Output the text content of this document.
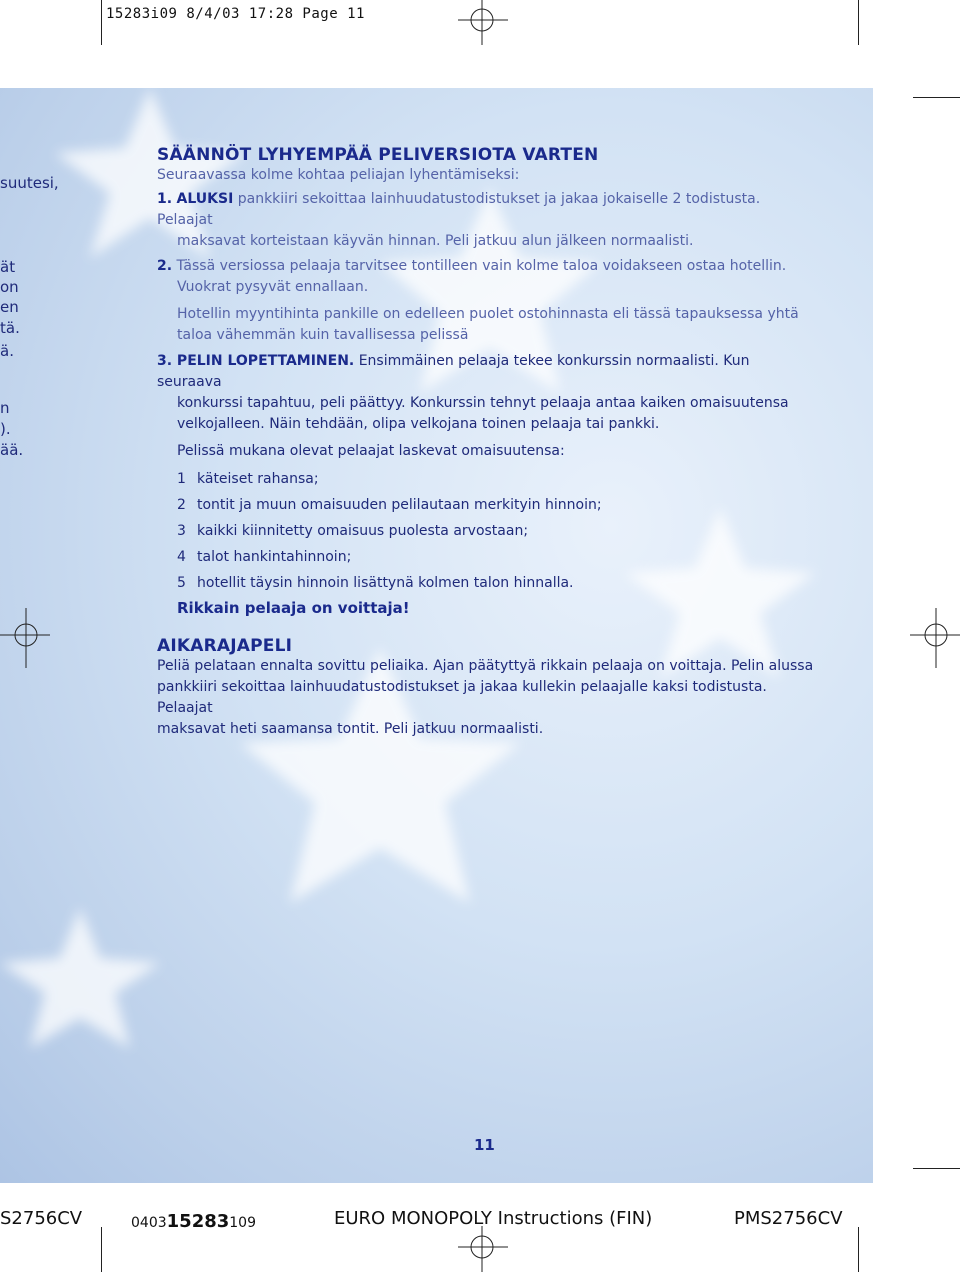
15283i09 8/4/03 17:28 Page 11
suutesi,
ät
on
en
tä.
ä.
n
).
ää.
SÄÄNNÖT LYHYEMPÄÄ PELIVERSIOTA VARTEN

Seuraavassa kolme kohtaa peliajan lyhentämiseksi:

1. ALUKSI pankkiiri sekoittaa lainhuudatustodistukset ja jakaa jokaiselle 2 todistusta. Pelaajat

maksavat korteistaan käyvän hinnan. Peli jatkuu alun jälkeen normaalisti.

2. Tässä versiossa pelaaja tarvitsee tontilleen vain kolme taloa voidakseen ostaa hotellin.

Vuokrat pysyvät ennallaan.

Hotellin myyntihinta pankille on edelleen puolet ostohinnasta eli tässä tapauksessa yhtä

taloa vähemmän kuin tavallisessa pelissä

3. PELIN LOPETTAMINEN. Ensimmäinen pelaaja tekee konkurssin normaalisti. Kun seuraava

konkurssi tapahtuu, peli päättyy. Konkurssin tehnyt pelaaja antaa kaiken omaisuutensa

velkojalleen. Näin tehdään, olipa velkojana toinen pelaaja tai pankki.

Pelissä mukana olevat pelaajat laskevat omaisuutensa:

1 käteiset rahansa;
2 tontit ja muun omaisuuden pelilautaan merkityin hinnoin;
3 kaikki kiinnitetty omaisuus puolesta arvostaan;
4 talot hankintahinnoin;
5 hotellit täysin hinnoin lisättynä kolmen talon hinnalla.

Rikkain pelaaja on voittaja!

AIKARAJAPELI

Peliä pelataan ennalta sovittu peliaika. Ajan päätyttyä rikkain pelaaja on voittaja. Pelin alussa

pankkiiri sekoittaa lainhuudatustodistukset ja jakaa kullekin pelaajalle kaksi todistusta. Pelaajat

maksavat heti saamansa tontit. Peli jatkuu normaalisti.

11
S2756CV	040315283109	EURO MONOPOLY Instructions (FIN)	PMS2756CV
